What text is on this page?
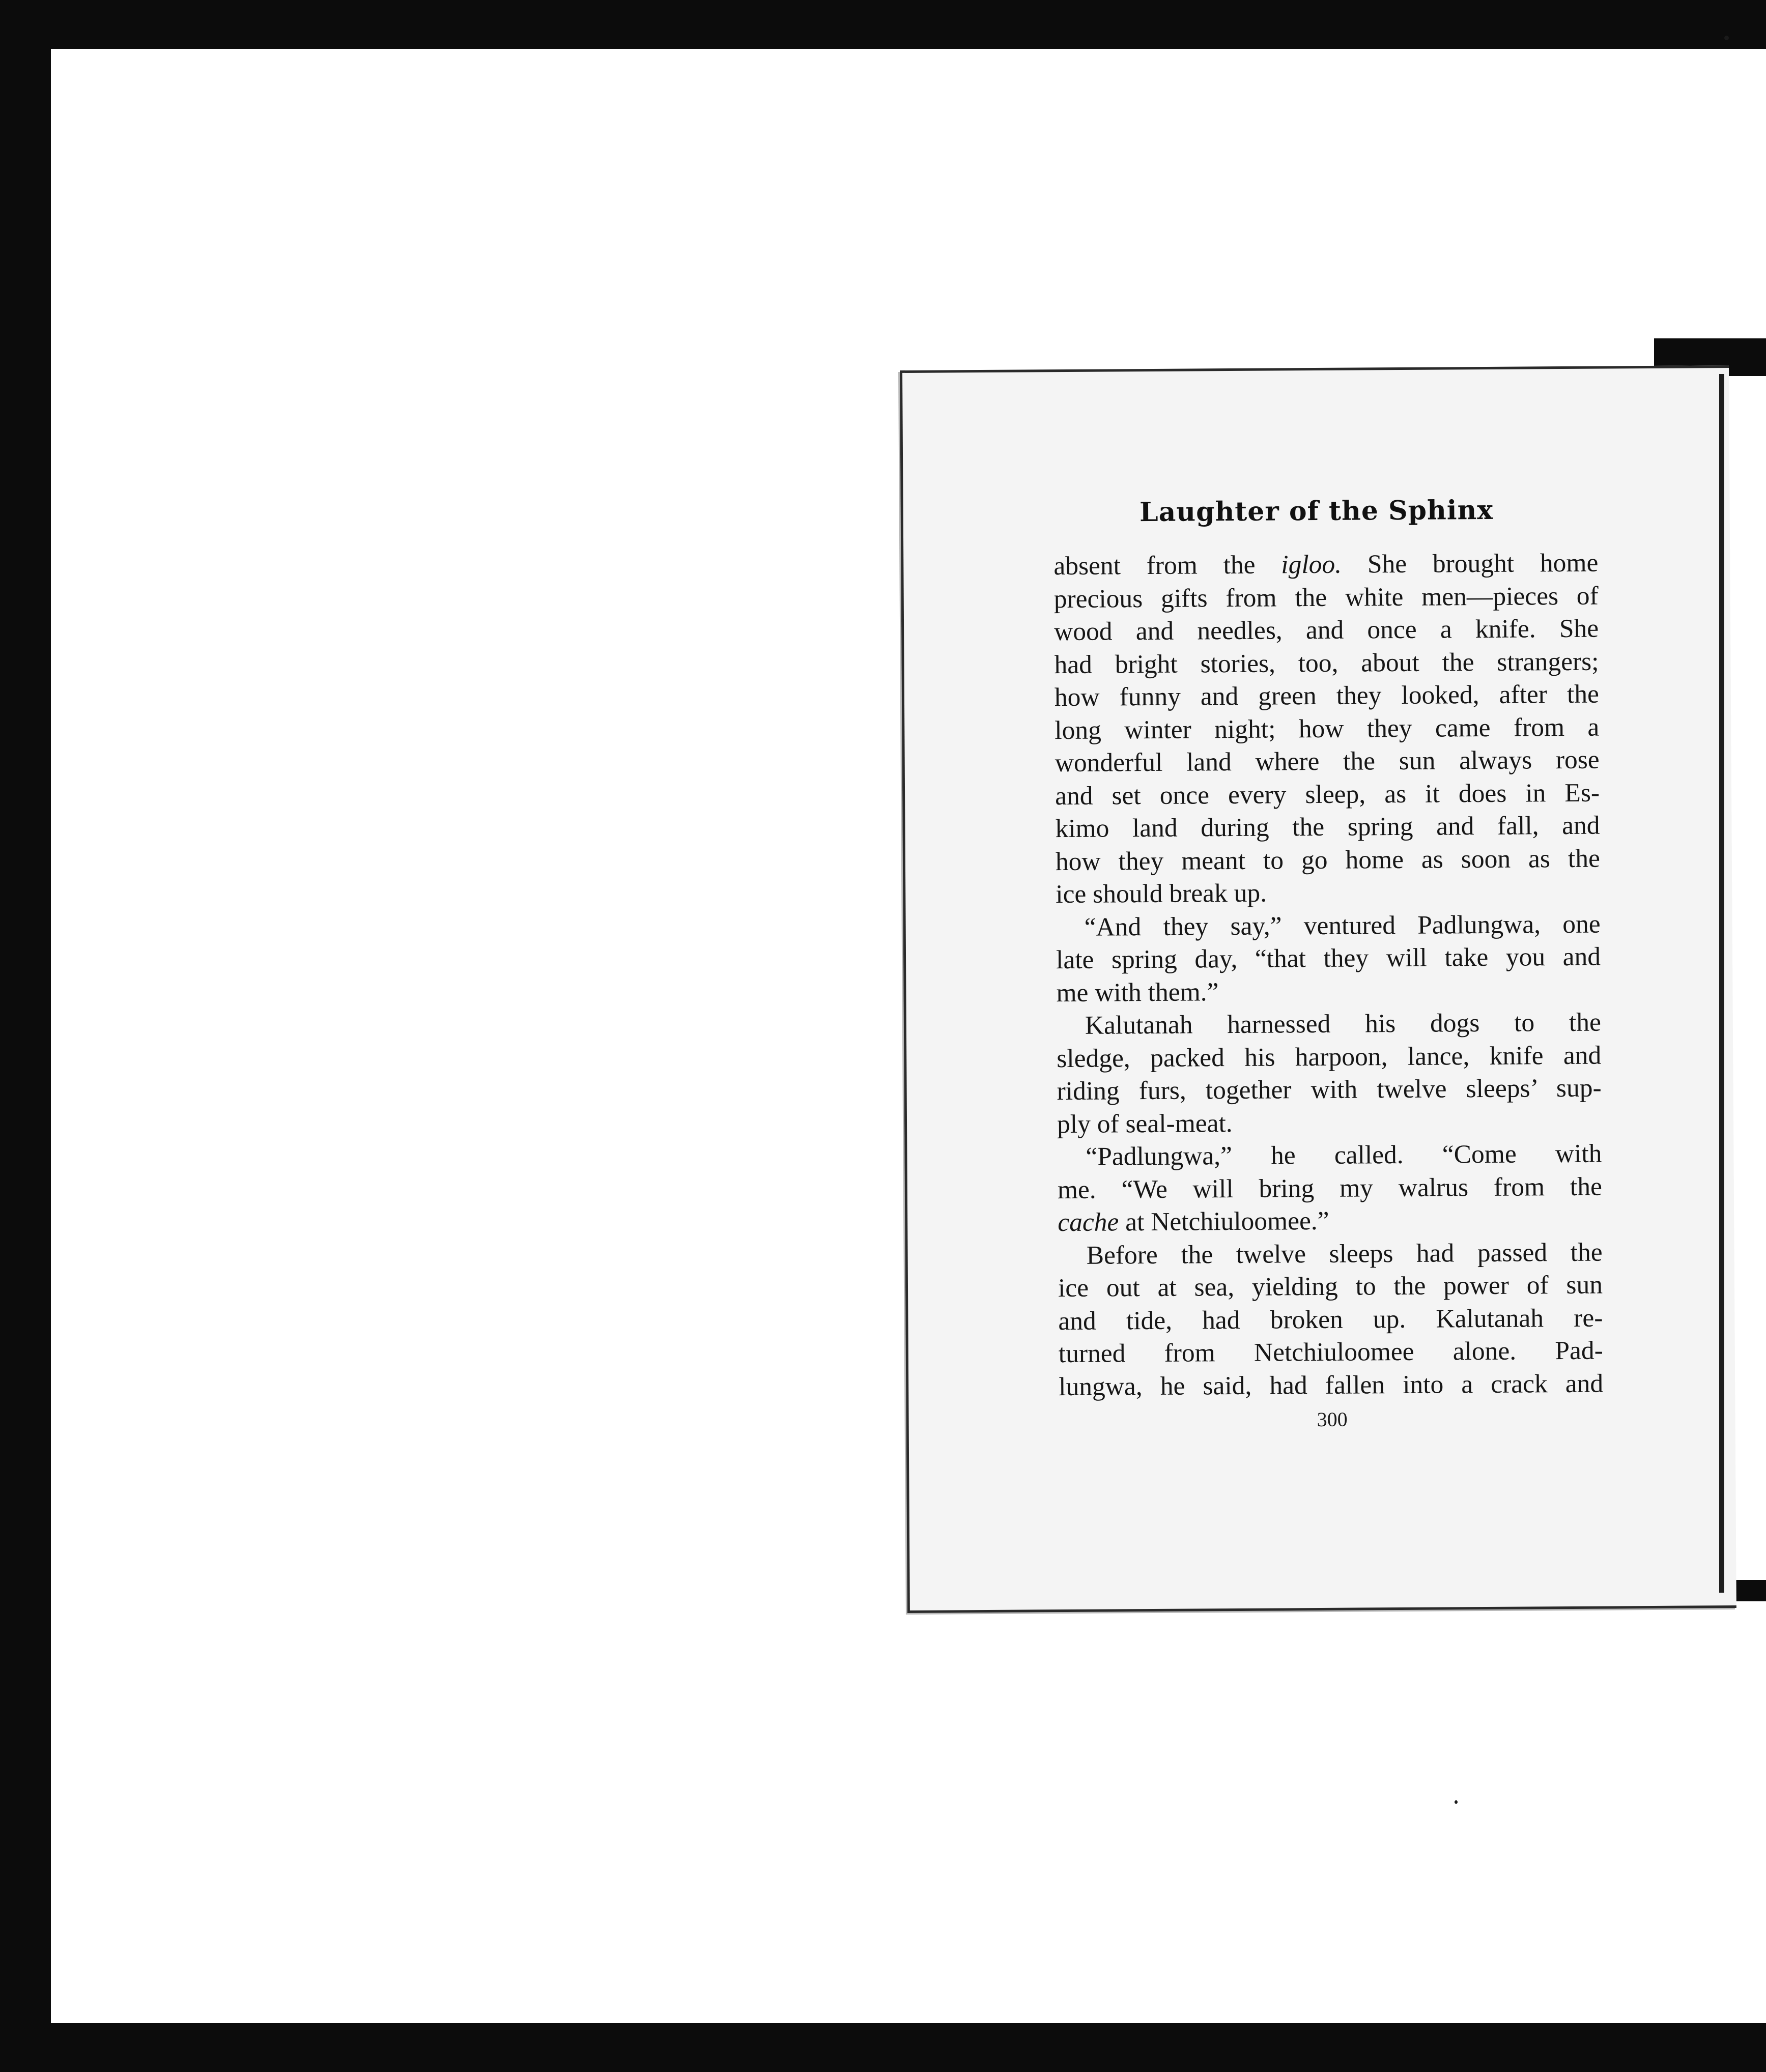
Laughter of the Sphinx
absent from the igloo. She brought home
precious gifts from the white men—pieces of
wood and needles, and once a knife. She
had bright stories, too, about the strangers;
how funny and green they looked, after the
long winter night; how they came from a
wonderful land where the sun always rose
and set once every sleep, as it does in Es-
kimo land during the spring and fall, and
how they meant to go home as soon as the
ice should break up.
“And they say,” ventured Padlungwa, one
late spring day, “that they will take you and
me with them.”
Kalutanah harnessed his dogs to the
sledge, packed his harpoon, lance, knife and
riding furs, together with twelve sleeps’ sup-
ply of seal-meat.
“Padlungwa,” he called. “Come with
me. “We will bring my walrus from the
cache at Netchiuloomee.”
Before the twelve sleeps had passed the
ice out at sea, yielding to the power of sun
and tide, had broken up. Kalutanah re-
turned from Netchiuloomee alone. Pad-
lungwa, he said, had fallen into a crack and
300
